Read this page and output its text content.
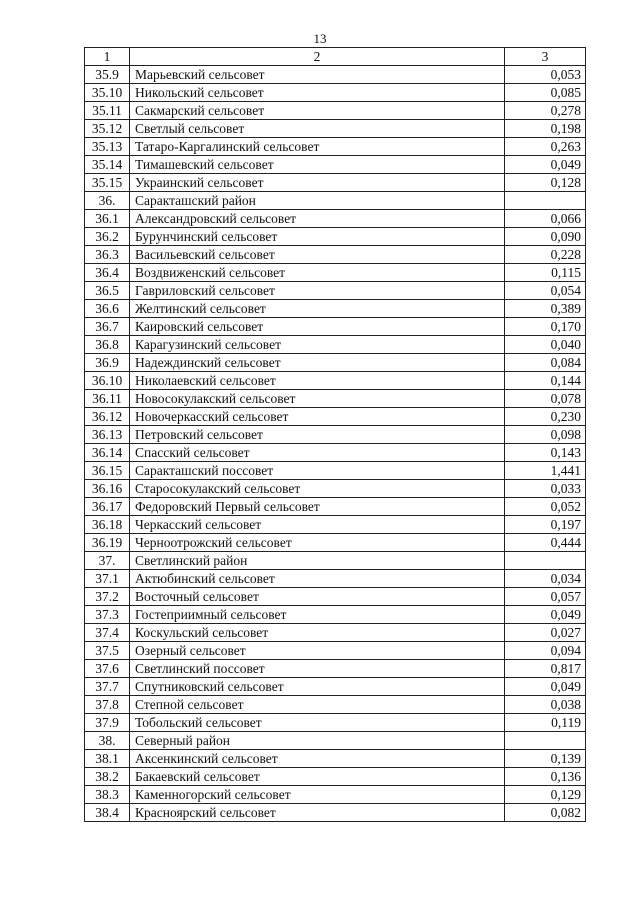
13
1	2	3
35.9	Марьевский сельсовет	0,053
35.10	Никольский сельсовет	0,085
35.11	Сакмарский сельсовет	0,278
35.12	Светлый сельсовет	0,198
35.13	Татаро-Каргалинский сельсовет	0,263
35.14	Тимашевский сельсовет	0,049
35.15	Украинский сельсовет	0,128
36.	Саракташский район	
36.1	Александровский сельсовет	0,066
36.2	Бурунчинский сельсовет	0,090
36.3	Васильевский сельсовет	0,228
36.4	Воздвиженский сельсовет	0,115
36.5	Гавриловский сельсовет	0,054
36.6	Желтинский сельсовет	0,389
36.7	Каировский сельсовет	0,170
36.8	Карагузинский сельсовет	0,040
36.9	Надеждинский сельсовет	0,084
36.10	Николаевский сельсовет	0,144
36.11	Новосокулакский сельсовет	0,078
36.12	Новочеркасский сельсовет	0,230
36.13	Петровский сельсовет	0,098
36.14	Спасский сельсовет	0,143
36.15	Саракташский поссовет	1,441
36.16	Старосокулакский сельсовет	0,033
36.17	Федоровский Первый сельсовет	0,052
36.18	Черкасский сельсовет	0,197
36.19	Черноотрожский сельсовет	0,444
37.	Светлинский район	
37.1	Актюбинский сельсовет	0,034
37.2	Восточный сельсовет	0,057
37.3	Гостеприимный сельсовет	0,049
37.4	Коскульский сельсовет	0,027
37.5	Озерный сельсовет	0,094
37.6	Светлинский поссовет	0,817
37.7	Спутниковский сельсовет	0,049
37.8	Степной сельсовет	0,038
37.9	Тобольский сельсовет	0,119
38.	Северный район	
38.1	Аксенкинский сельсовет	0,139
38.2	Бакаевский сельсовет	0,136
38.3	Каменногорский сельсовет	0,129
38.4	Красноярский сельсовет	0,082
